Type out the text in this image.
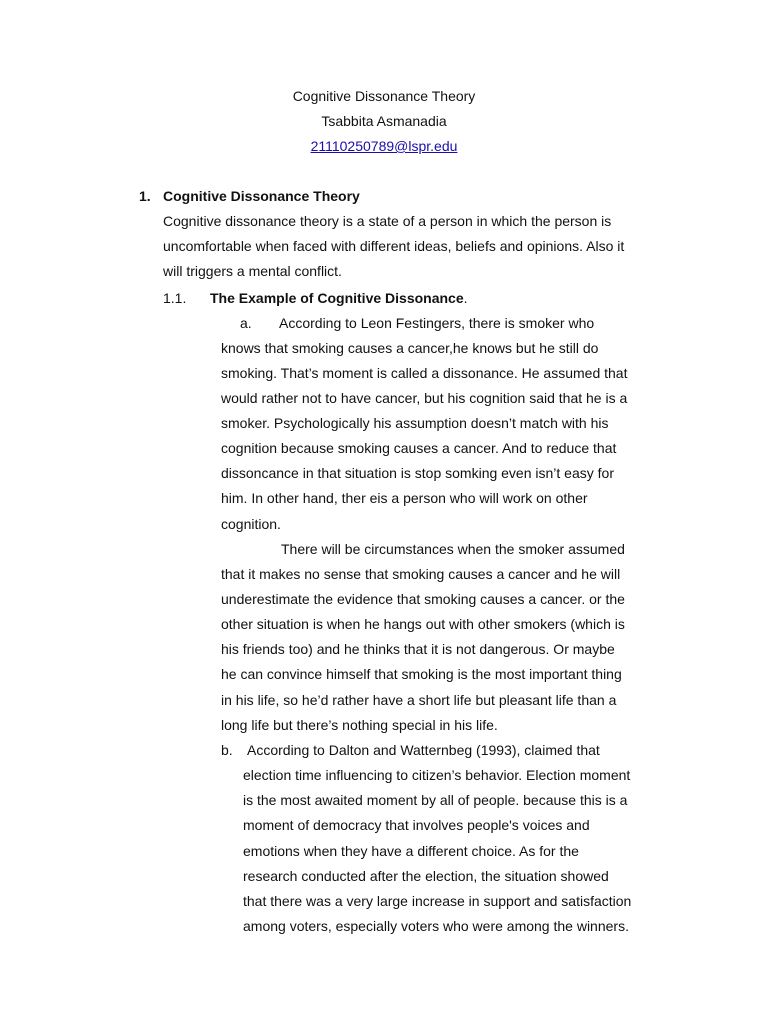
Cognitive Dissonance Theory
Tsabbita Asmanadia
21110250789@lspr.edu
1. Cognitive Dissonance Theory
Cognitive dissonance theory is a state of a person in which the person is
uncomfortable when faced with different ideas, beliefs and opinions. Also it
will triggers a mental conflict.
1.1. The Example of Cognitive Dissonance.
a. According to Leon Festingers, there is smoker who
knows that smoking causes a cancer,he knows but he still do
smoking. That’s moment is called a dissonance. He assumed that
would rather not to have cancer, but his cognition said that he is a
smoker. Psychologically his assumption doesn’t match with his
cognition because smoking causes a cancer. And to reduce that
dissoncance in that situation is stop somking even isn’t easy for
him. In other hand, ther eis a person who will work on other
cognition.
There will be circumstances when the smoker assumed
that it makes no sense that smoking causes a cancer and he will
underestimate the evidence that smoking causes a cancer. or the
other situation is when he hangs out with other smokers (which is
his friends too) and he thinks that it is not dangerous. Or maybe
he can convince himself that smoking is the most important thing
in his life, so he’d rather have a short life but pleasant life than a
long life but there’s nothing special in his life.
b. According to Dalton and Watternbeg (1993), claimed that
election time influencing to citizen’s behavior. Election moment
is the most awaited moment by all of people. because this is a
moment of democracy that involves people's voices and
emotions when they have a different choice. As for the
research conducted after the election, the situation showed
that there was a very large increase in support and satisfaction
among voters, especially voters who were among the winners.
